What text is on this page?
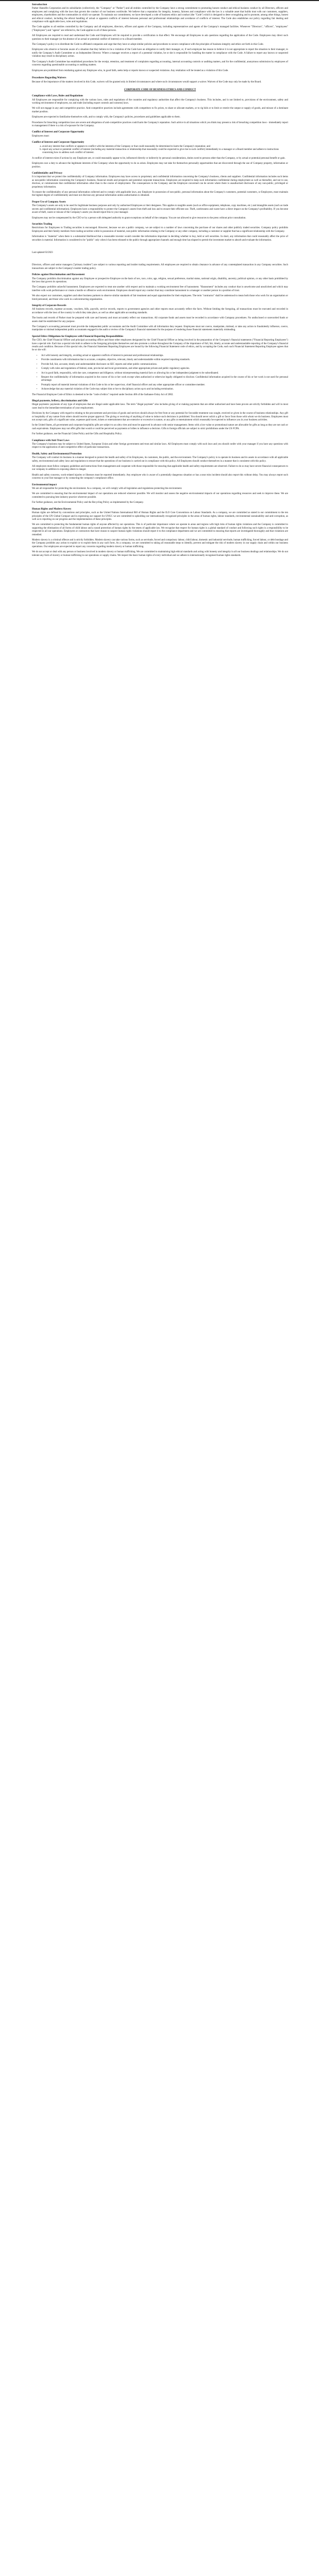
Introduction

Parker Hannifin Corporation and its subsidiaries (collectively, the "Company" or "Parker") and all entities controlled by the Company have a strong commitment to promoting honest conduct and ethical business conduct by all Directors, officers and employees and complying with the laws that govern the conduct of our business worldwide. We believe that a reputation for integrity, honesty, fairness and compliance with the law is a valuable asset that builds trust with our customers, suppliers, employees, shareholders and the communities in which we operate. To maintain our commitment, we have developed a code of business ethics and conduct (the "Code") which is designed to deter wrongdoing and to promote, among other things, honest and ethical conduct, including the ethical handling of actual or apparent conflicts of interest between personal and professional relationships and avoidance of conflicts of interest. The Code also establishes our policy regarding fair dealing and compliance with applicable laws, rules and regulations.

The Code applies to all entities controlled by the Company and all employees, directors, officers and agents of the Company, including representatives and agents of the Company's managed facilities. Whenever "Directors", "officers", "employees" ("Employees") and "agents" are referred to, the Code applies to all of these persons.

All Employees are required to read and understand the Code and Employees will be required to provide a certification to that effect. We encourage all Employees to ask questions regarding the application of the Code. Employees may direct such questions to their manager (or the absence of an actual or potential conflict of interest) or to a Board member.

The Company's policy is to distribute the Code to affiliated companies and urge that they have or adopt similar policies and procedures to secure compliance with the principles of business integrity and ethics set forth in this Code.

Employees who observe or become aware of a situation that they believe to be a violation of the Code have an obligation to notify their manager, or, if such employee has reason to believe it is not appropriate to report the situation to their manager, to notify the Company's Audit Committee or an Independent Director. Where a manager receives a report of a potential violation, he or she is responsible for handling the matter in compliance with the Code. A failure to report any known or suspected violation may result in disciplinary action.

The Company's Audit Committee has established procedures for the receipt, retention, and treatment of complaints regarding accounting, internal accounting controls or auditing matters, and for the confidential, anonymous submission by employees of concerns regarding questionable accounting or auditing matters.

Employees are prohibited from retaliating against any Employee who, in good faith, seeks help or reports known or suspected violations. Any retaliation will be treated as a violation of this Code.

Procedures Regarding Waivers

Because of the importance of the matters involved in this Code, waivers will be granted only in limited circumstances and where such circumstances would support a waiver. Waivers of the Code may only be made by the Board.

CORPORATE CODE OF BUSINESS ETHICS AND CONDUCT
Compliance with Laws, Rules and Regulations

All Employees are responsible for complying with the various laws, rules and regulations of the countries and regulatory authorities that affect the Company's business. This includes, and is not limited to, provisions of the environment, safety and working environment of employees, tax and trade (including export controls and customs) laws.

We will not engage in any anti-competitive practice. Anti-competitive practices include agreements with competitors to fix prices, to share or allocate markets, or to rig bids or to limit or restrict the output or supply of goods, and misuse of a dominant market position.

Employees are expected to familiarise themselves with, and to comply with, the Company's policies, procedures and guidelines applicable to them.

Procedures for breaching competition laws are severe and allegations of anti-competitive practices could harm the Company's reputation. Such advice in all situations which you think may present a risk of breaching competition laws - immediately report to management if there is a risk of exposure for the Company.

Conflict of Interest and Corporate Opportunity

Employees must:

Conflict of Interest and Corporate Opportunity
a. avoid any interest that conflicts or appears to conflict with the interests of the Company or that could reasonably be determined to harm the Company's reputation; and
b. report any actual or potential conflict of interest (including any material transaction or relationship that reasonably could be expected to give rise to such conflict) immediately to a manager or a Board member and adhere to instructions concerning how to address such conflict of interest.

A conflict of interest exists if actions by any Employee are, or could reasonably appear to be, influenced directly or indirectly by personal considerations, duties owed to persons other than the Company, or by actual or potential personal benefit or gain.

Employees owe a duty to advance the legitimate interests of the Company when the opportunity to do so arises. Employees may not take for themselves personally opportunities that are discovered through the use of Company property, information or position.

Confidentiality and Privacy

It is important that we protect the confidentiality of Company information. Employees may have access to proprietary and confidential information concerning the Company's business, clients and suppliers. Confidential information includes such items as non-public information concerning the Company's business, financial results and prospects and potential corporate transactions. Employees are required to keep such information confidential during employment as well as thereafter, and not to use, disclose, or communicate that confidential information other than in the course of employment. The consequences to the Company and the Employee concerned can be severe where there is unauthorised disclosure of any non-public, privileged or proprietary information.

To ensure the confidentiality of any personal information collected and to comply with applicable laws, any Employee in possession of non-public, personal information about the Company's customers, potential customers, or Employees, must maintain the highest degree of confidentiality and must not disclose any personal information unless authorisation is obtained.

Proper Use of Company Assets

The Company's assets are only to be used for legitimate business purposes and only by authorised Employees or their designees. This applies to tangible assets (such as office equipment, telephone, copy machines, etc.) and intangible assets (such as trade secrets and confidential information). Employees have a responsibility to protect the Company's assets from theft and loss and to ensure their efficient use. Theft, carelessness and waste have a direct impact on the Company's profitability. If you become aware of theft, waste or misuse of the Company's assets you should report this to your manager.

Employees may not be compensated by the CEO or by a person with delegated authority to grant exceptions on behalf of the company. You are not allowed to give resources to the press without prior consultation.

Securities Trading

Restrictions for Employees to Trading securities is encouraged. However, because we are a public company, we are subject to a number of laws concerning the purchase of our shares and other publicly traded securities. Company policy prohibits Employees and their family members from trading securities while in possession of material, non-public information relating to the Company or any other company, including a customer or supplier that has a significant relationship with the Company.

Information is "material" when there is a substantial likelihood that a reasonable investor would consider the information important in deciding whether to buy, hold or sell securities. In short, any information that could reasonably affect the price of securities is material. Information is considered to be "public" only when it has been released to the public through appropriate channels and enough time has elapsed to permit the investment market to absorb and evaluate the information.

Last updated 02/2023

Directors, officers and senior managers ("primary insiders") are subject to various reporting and insider trading requirements. All employees are required to obtain clearance in advance of any contemplated transaction in any Company securities. Such transactions are subject to the Company's insider trading policy.

Policies against Discrimination and Harassment

The Company prohibits discrimination against any Employee or prospective Employee on the basis of sex, race, color, age, religion, sexual preference, marital status, national origin, disability, ancestry, political opinion, or any other basis prohibited by the laws that govern its operations.

The Company prohibits unlawful harassment. Employees are expected to treat one another with respect and to maintain a working environment free of harassment. "Harassment" includes any conduct that is unwelcome and unsolicited and which may interfere with work performance or create a hostile or offensive work environment. Employees should report any conduct that may constitute harassment to a manager or another person in a position of trust.

We also expect our customers, suppliers and other business partners to observe similar standards of fair treatment and equal opportunities for their employees. The term "contractor" shall be understood to mean both those who work for an organisation or hired personnel, and those who work in a subcontracting organisation.

Integrity of Corporate Records

All business records, expense accounts, vouchers, bills, payrolls, service records, reports to government agencies and other reports must accurately reflect the facts. Without limiting the foregoing, all transactions must be executed and recorded in accordance with the laws of the country in which they take place, as well as other applicable accounting standards.

The books and records of Parker must be prepared with care and honesty and must accurately reflect our transactions. All corporate funds and assets must be recorded in accordance with Company procedures. No undisclosed or unrecorded funds or assets shall be established for any purpose.

The Company's accounting personnel must provide the independent public accountants and the Audit Committee with all information they request. Employees must not coerce, manipulate, mislead, or take any action to fraudulently influence, coerce, manipulate or mislead independent public accountants engaged in the audit or review of the Company's financial statements for the purpose of rendering those financial statements materially misleading.

Special Ethics Obligations for Employees with Financial Reporting Responsibilities

The CEO, the Chief Financial Officer and principal accounting officer and those other employees designated by the Chief Financial Officer as being involved in the preparation of the Company's financial statements ("Financial Reporting Employees") have a special role. Each has a special role both to adhere to the foregoing principles themselves and also promote a culture throughout the Company of the importance of full, fair, timely, accurate and understandable reporting of the Company's financial results and condition. Because of this special role, the Financial Statement Reporting Employees are bound by the following Financial Statement code of ethics, and by accepting the Code, each such Financial Statement Reporting Employee agrees that he or she will:

• Act with honesty and integrity, avoiding actual or apparent conflicts of interest in personal and professional relationships.
• Provide constituents with information that is accurate, complete, objective, relevant, timely and understandable within required reporting standards.
• Provide full, fair, accurate, timely and understandable disclosure on SEC reports and other public communications.
• Comply with rules and regulations of federal, state, provincial and local governments, and other appropriate private and public regulatory agencies.
• Act in good faith, responsibly, with due care, competence and diligence, without misrepresenting material facts or allowing his or her independent judgment to be subordinated.
• Respect the confidentiality of information acquired in the course of his or her work except when authorized or otherwise legally obligated to disclose. Confidential information acquired in the course of his or her work is not used for personal advantage.
• Promptly report all material internal violations of this Code to his or her supervisor, chief financial officer and any other appropriate officer or committee member.
• Acknowledge that any material violation of the Code may subject him or her to disciplinary action up to and including termination.

The Financial Employee Code of Ethics is deemed to be the "code of ethics" required under Section 406 of the Sarbanes-Oxley Act of 2002.

Illegal payments, bribery, discrimination and Gifts

Illegal payments: payments of any type of employees that are illegal under applicable laws. The term "illegal payment" also includes giving of or making payments that are either authorised and have been proven are strictly forbidden and will in most cases lead to the immediate termination of your employment.

Decisions by the Company with regard to relating to the procurement and provision of goods and services should always be free from or any potential for favorable treatment was sought, received or given in the course of business relationships. Any gift or hospitality of any nature from others should receive proper approval. The giving or receiving of anything of value to induce such decisions is prohibited. You should never solicit a gift or favor from those with whom we do business. Employees must not accept cash, gifts of a significant value, expenses paid travel, tickets or entertainment that are extensive or excessive in nature, or any gifts or entertainment which reasonably be expected to influence you in your business activities.

In the United States, all government and corporate hospitality gifts are subject to an ultra vires and must be approved in advance with senior management. Items with a low-value or promotional nature are allowable for gifts as long as they are not cash or cash equivalents. Employees may not offer gifts that would or could be perceived as payments or bribes to influence a decision. Gifts to foreign officials are subject to strict prohibitions under the US FCPA.

For further guidance, see the Financial Crime Policy and the Gifts and Hospitality Policy.

Compliance with Anti-Trust Laws

The Company's business may be subject to United States, European Union and other foreign government anti-trust and similar laws. All Employees must comply with such laws and you should confer with your manager if you have any questions with respect to the application of anti-competitive effect of particular transactions.

Health, Safety and Environmental Protection

The Company will conduct its business in a manner designed to protect the health and safety of its Employees, its customers, the public, and the environment. The Company's policy is to operate its business and its assets in accordance with all applicable safety, environmental and safety laws and regulations to ensure that the operations of our business is carried out in compliance with this policy. All Employees should conduct themselves in a manner that is consistent with this policy.

All employees must follow company guidelines and instructions from management and cooperate with those responsible for ensuring that applicable health and safety requirements are observed. Failure to do so may have severe financial consequences to our company in addition to exposing others to danger.

Health and safety concerns, work-related injuries or illnesses must be reported immediately. Any employee who is aware of a potentially dangerous situation or has a near miss incident should also report this without delay. You may always report such concerns to your line manager or by contacting the company's compliance office.

Environmental impact

We are all responsible for protecting the environment. As a company, we will comply with all legislation and regulations protecting the environment.

We are committed to ensuring that the environmental impact of our operations are reduced wherever possible. We will monitor and assess the negative environmental impacts of our operations regarding resources and seek to improve these. We are committed to pursuing best industry practice wherever possible.

For further guidance, see the Environmental Policy and the Recycling Policy as implemented by the Company.

Human Rights and Modern Slavery

Human rights are defined by conventions and principles, such as the United Nations International Bill of Human Rights and the ILO Core Conventions on Labour Standards. As a company, we are committed as stated in our commitment to the ten principles of the UN Global Compact and in expressing our support for UNGC we are committed to upholding our internationally recognized principles in the areas of human rights, labour standards, environmental sustainability and anti-corruption, as well as to reporting on our progress and the implementation of these principles.

We are committed to protecting the fundamental human rights of anyone affected by our operations. This is of particular importance where we operate in areas and regions with high risks of human rights violations and the Company is committed to supporting the elimination of all forms of child labour and a sound protection of human rights by the tenets of applicable law. We recognise that respect for human rights is a global standard of conduct and following such rights is a responsibility to be respected in all our operations. Employees or contractors that have reason to suspect human rights violations should report it to the compliance department and we are committed to ensuring that reports are investigated thoroughly and that violations are remedied.

Modern slavery is a criminal offence and is strictly forbidden. Modern slavery can take various forms, such as servitude, forced and compulsory labour, child labour, domestic and industrial servitude, human trafficking, forced labour, or debt bondage and the Company prohibits any action to exploit or to exploit them in any such form. As a company, we are committed to taking all reasonable steps to identify, prevent and mitigate the risk of modern slavery in our supply chain and within our business operations. Our employees are expected to report any concerns regarding modern slavery or human trafficking.

We do not accept or deal with any person or business involved in modern slavery or human trafficking. We are committed to maintaining high ethical standards and acting with honesty and integrity in all our business dealings and relationships. We do not tolerate any form of slavery or human trafficking in our operations or supply chains. We respect the basic human rights of every individual and we adhere to internationally recognised human rights standards.
